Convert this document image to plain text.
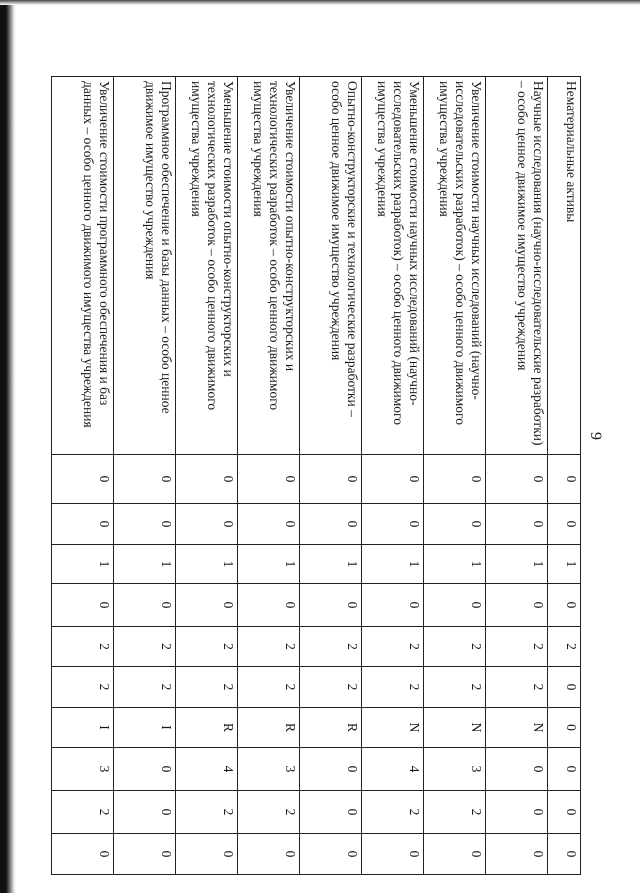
9
Нематериальные активы	0	0	1	0	2	0	0	0	0	0
Научные исследования (научно-исследовательские разработки) – особо ценное движимое имущество учреждения	0	0	1	0	2	2	N	0	0	0
Увеличение стоимости научных исследований (научно-исследовательских разработок) – особо ценного движимого имущества учреждения	0	0	1	0	2	2	N	3	2	0
Уменьшение стоимости научных исследований (научно-исследовательских разработок) – особо ценного движимого имущества учреждения	0	0	1	0	2	2	N	4	2	0
Опытно-конструкторские и технологические разработки – особо ценное движимое имущество учреждения	0	0	1	0	2	2	R	0	0	0
Увеличение стоимости опытно-конструкторских и технологических разработок – особо ценного движимого имущества учреждения	0	0	1	0	2	2	R	3	2	0
Уменьшение стоимости опытно-конструкторских и технологических разработок – особо ценного движимого имущества учреждения	0	0	1	0	2	2	R	4	2	0
Программное обеспечение и базы данных – особо ценное движимое имущество учреждения	0	0	1	0	2	2	I	0	0	0
Увеличение стоимости программного обеспечения и баз данных – особо ценного движимого имущества учреждения	0	0	1	0	2	2	I	3	2	0
